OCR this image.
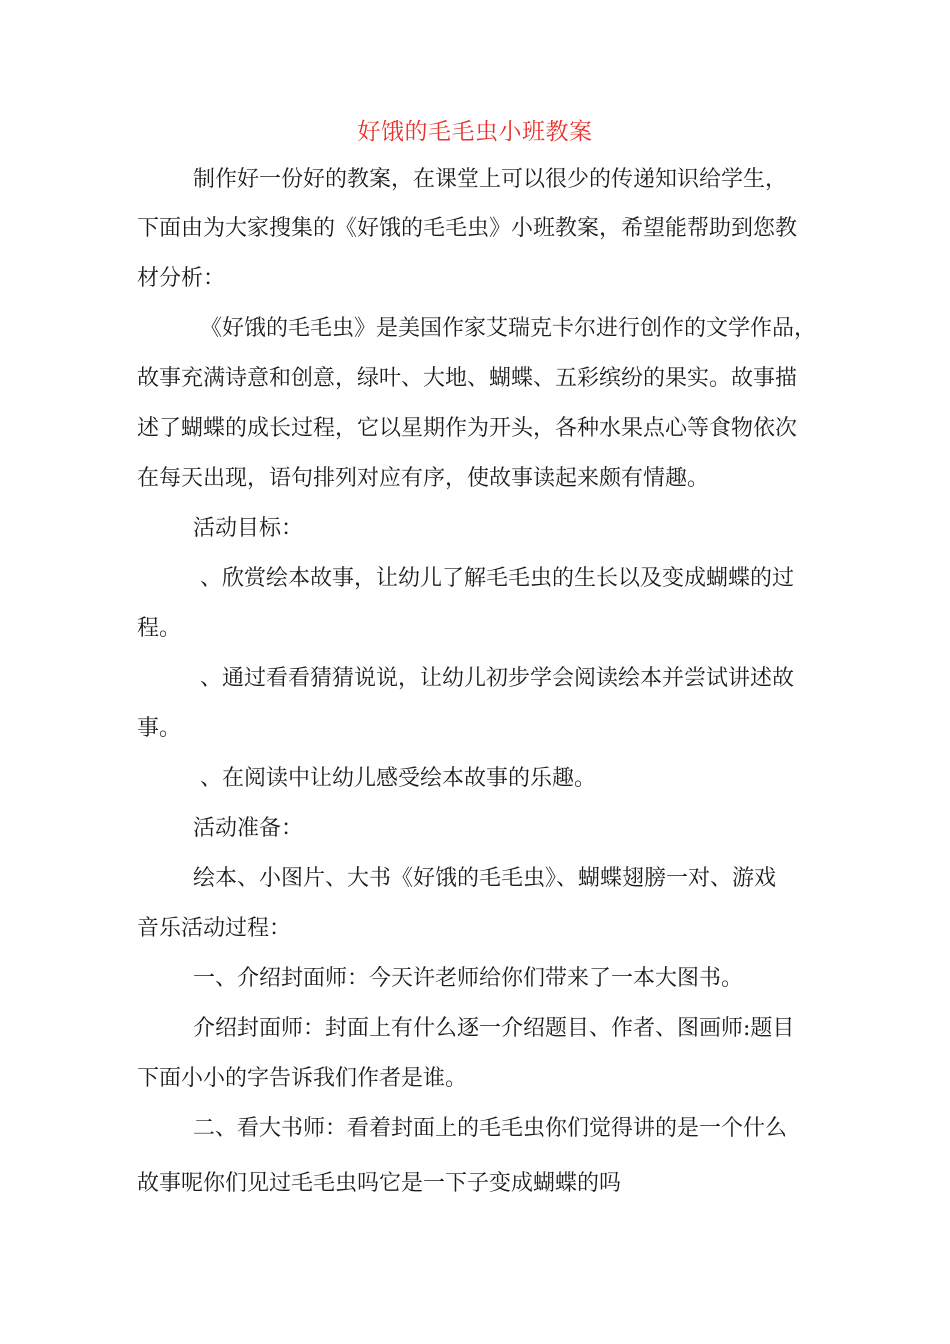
好饿的毛毛虫小班教案
制作好一份好的教案，在课堂上可以很少的传递知识给学生，
下面由为大家搜集的《好饿的毛毛虫》小班教案，希望能帮助到您教
材分析：
《好饿的毛毛虫》是美国作家艾瑞克卡尔进行创作的文学作品，
故事充满诗意和创意，绿叶、大地、蝴蝶、五彩缤纷的果实。故事描
述了蝴蝶的成长过程，它以星期作为开头，各种水果点心等食物依次
在每天出现，语句排列对应有序，使故事读起来颇有情趣。
活动目标：
、欣赏绘本故事，让幼儿了解毛毛虫的生长以及变成蝴蝶的过
程。
、通过看看猜猜说说，让幼儿初步学会阅读绘本并尝试讲述故
事。
、在阅读中让幼儿感受绘本故事的乐趣。
活动准备：
绘本、小图片、大书《好饿的毛毛虫》、蝴蝶翅膀一对、游戏
音乐活动过程：
一、介绍封面师：今天许老师给你们带来了一本大图书。
介绍封面师：封面上有什么逐一介绍题目、作者、图画师:题目
下面小小的字告诉我们作者是谁。
二、看大书师：看着封面上的毛毛虫你们觉得讲的是一个什么
故事呢你们见过毛毛虫吗它是一下子变成蝴蝶的吗
